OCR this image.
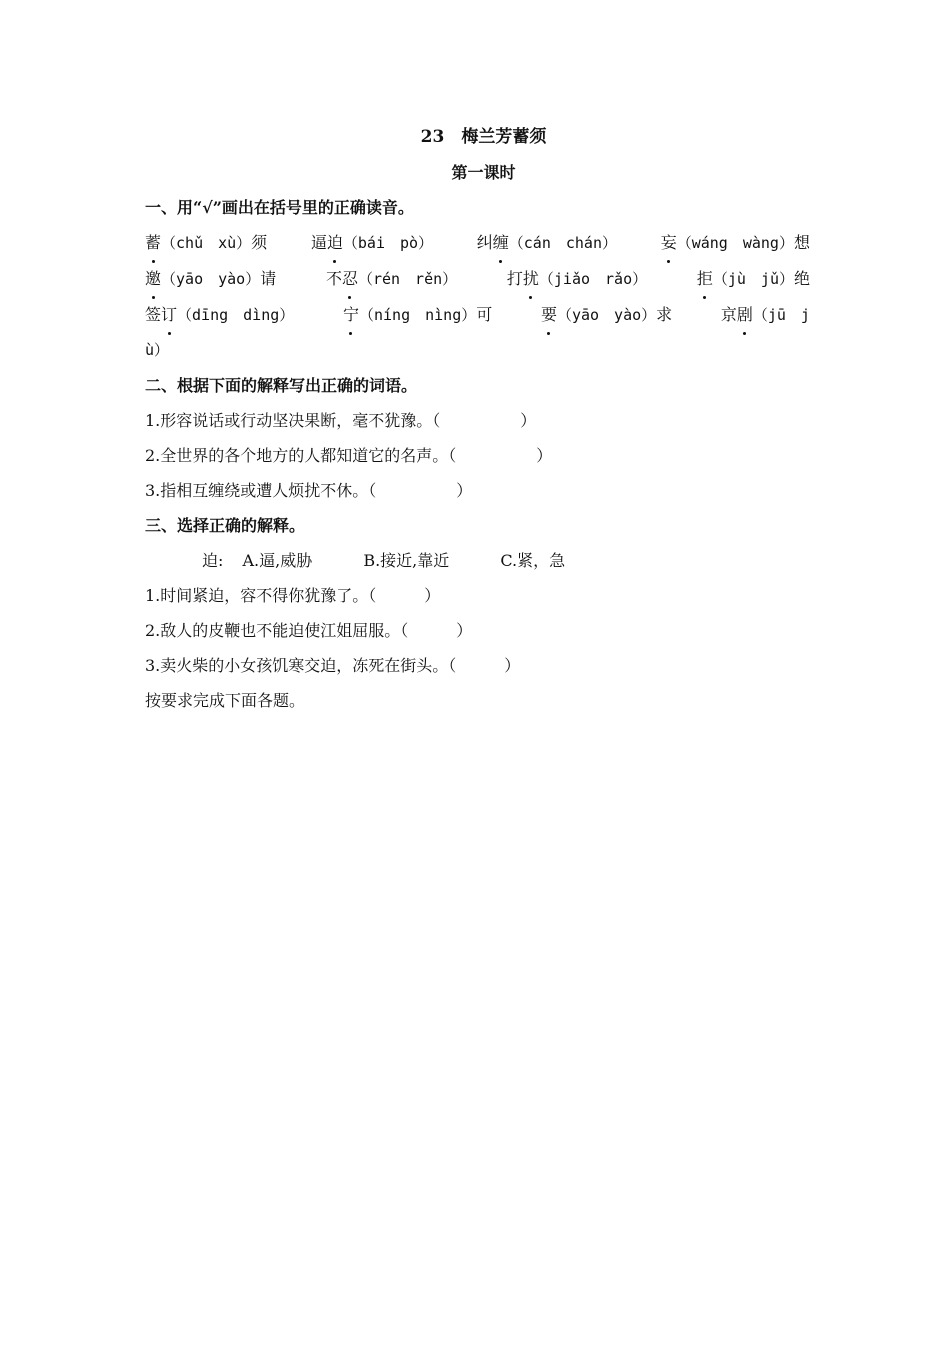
23　梅兰芳蓄须
第一课时
一、用“√”画出在括号里的正确读音。
蓄（chǔ　xù）须	逼迫（bái　pò）	纠缠（cán　chán）	妄（wáng　wàng）想
邀（yāo　yào）请	不忍（rén　rěn）	打扰（jiǎo　rǎo）	拒（jù　jǔ）绝
签订（dīng　dìng）	宁（níng　nìng）可	要（yāo　yào）求	京剧（jū　j
ù）
二、根据下面的解释写出正确的词语。
1.形容说话或行动坚决果断，毫不犹豫。（　　　　　）
2.全世界的各个地方的人都知道它的名声。（　　　　　）
3.指相互缠绕或遭人烦扰不休。（　　　　　）
三、选择正确的解释。
迫: A.逼,威胁	B.接近,靠近	C.紧，急
1.时间紧迫，容不得你犹豫了。（　　　）
2.敌人的皮鞭也不能迫使江姐屈服。（　　　）
3.卖火柴的小女孩饥寒交迫，冻死在街头。（　　　）
按要求完成下面各题。
